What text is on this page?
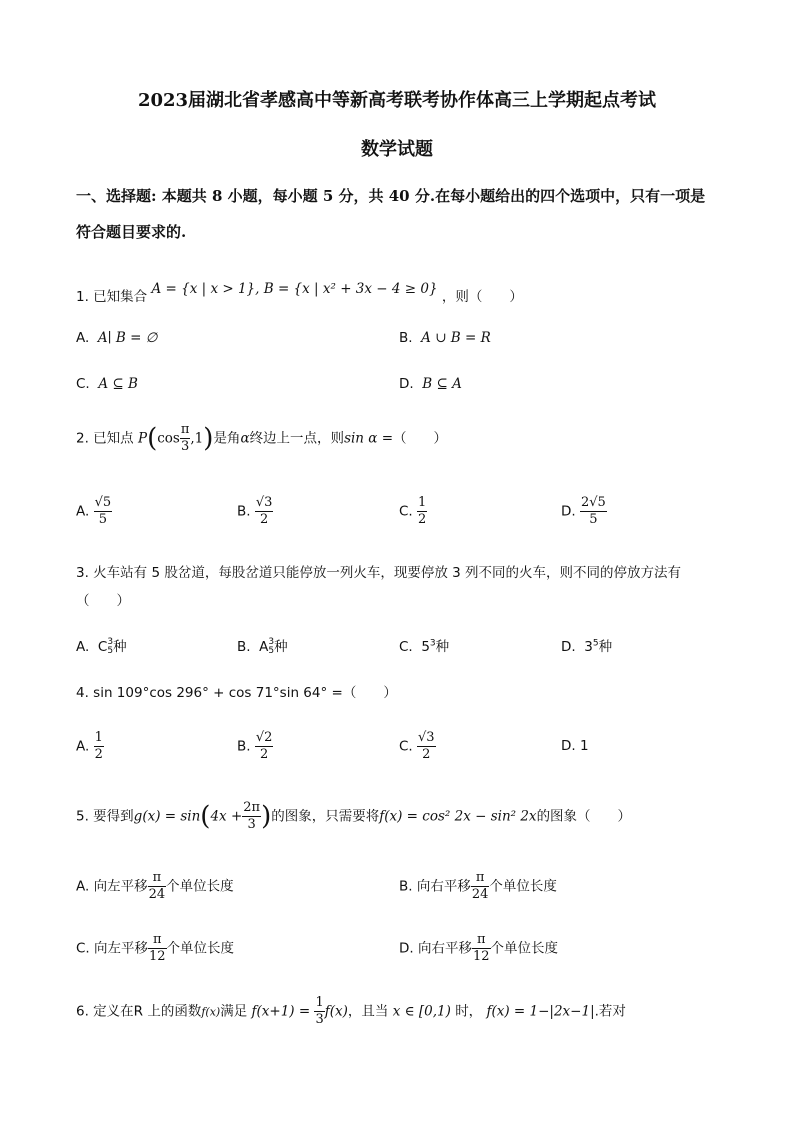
2023届湖北省孝感高中等新高考联考协作体高三上学期起点考试
数学试题
一、选择题: 本题共 8 小题，每小题 5 分，共 40 分.在每小题给出的四个选项中，只有一项是
符合题目要求的.
1. 已知集合 A = {x | x > 1}, B = {x | x² + 3x − 4 ≥ 0} ，则（　　）
A. A∣ B = ∅	B. A ∪ B = R
C. A ⊆ B	D. B ⊆ A
2. 已知点 $P(\cos \frac{\pi}{3} ,1)$是角α终边上一点，则sin α =（　　）
A. $\frac{√5}{5}$	B. $\frac{√3}{2}$	C. $\frac{1}{2}$	D. $\frac{2√5}{5}$
3. 火车站有 5 股岔道，每股岔道只能停放一列火车，现要停放 3 列不同的火车，则不同的停放方法有
（　　）
A. C 3
5 种	B. A 3
5 种	C. $5^3$种	D. $3^5$种
4. sin 109°cos 296° + cos 71°sin 64° =（　　）
A. $\frac{1}{2}$	B. $\frac{√2}{2}$	C. $\frac{√3}{2}$	D. 1
5. 要得到$g(x) = \sin(4x + \frac{2\pi}{3}$ )的图象，只需要将f(x) = cos² 2x − sin² 2x的图象（　　）
A. 向左平移 $\frac{\pi}{24}$ 个单位长度	B. 向右平移 $\frac{\pi}{24}$ 个单位长度
C. 向左平移 $\frac{\pi}{12}$ 个单位长度	D. 向右平移 $\frac{\pi}{12}$ 个单位长度
6. 定义在R 上的函数f(x)满足 $f(x+1) = \frac{1}{3} f(x)$，且当 x ∈ [0,1) 时， f(x) = 1−|2x−1|.若对
